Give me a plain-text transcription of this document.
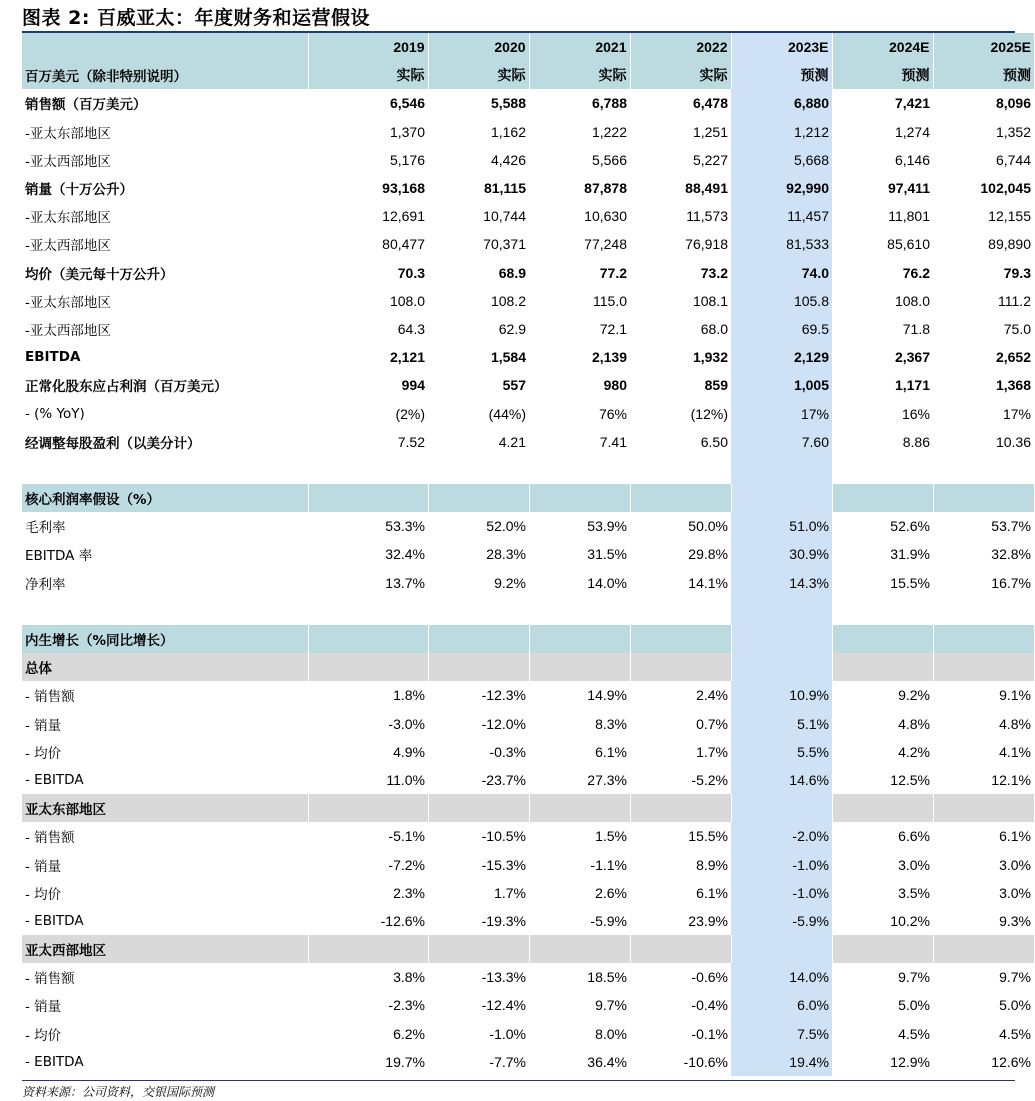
图表 2: 百威亚太：年度财务和运营假设
	2019	2020	2021	2022	2023E	2024E	2025E
百万美元（除非特别说明）	实际	实际	实际	实际	预测	预测	预测
销售额（百万美元）	6,546	5,588	6,788	6,478	6,880	7,421	8,096
-亚太东部地区	1,370	1,162	1,222	1,251	1,212	1,274	1,352
-亚太西部地区	5,176	4,426	5,566	5,227	5,668	6,146	6,744
销量（十万公升）	93,168	81,115	87,878	88,491	92,990	97,411	102,045
-亚太东部地区	12,691	10,744	10,630	11,573	11,457	11,801	12,155
-亚太西部地区	80,477	70,371	77,248	76,918	81,533	85,610	89,890
均价（美元每十万公升）	70.3	68.9	77.2	73.2	74.0	76.2	79.3
-亚太东部地区	108.0	108.2	115.0	108.1	105.8	108.0	111.2
-亚太西部地区	64.3	62.9	72.1	68.0	69.5	71.8	75.0
EBITDA	2,121	1,584	2,139	1,932	2,129	2,367	2,652
正常化股东应占利润（百万美元）	994	557	980	859	1,005	1,171	1,368
- (% YoY)	(2%)	(44%)	76%	(12%)	17%	16%	17%
经调整每股盈利（以美分计）	7.52	4.21	7.41	6.50	7.60	8.86	10.36

核心利润率假设（%）							
毛利率	53.3%	52.0%	53.9%	50.0%	51.0%	52.6%	53.7%
EBITDA 率	32.4%	28.3%	31.5%	29.8%	30.9%	31.9%	32.8%
净利率	13.7%	9.2%	14.0%	14.1%	14.3%	15.5%	16.7%

内生增长（%同比增长）							
总体							
- 销售额	1.8%	-12.3%	14.9%	2.4%	10.9%	9.2%	9.1%
- 销量	-3.0%	-12.0%	8.3%	0.7%	5.1%	4.8%	4.8%
- 均价	4.9%	-0.3%	6.1%	1.7%	5.5%	4.2%	4.1%
- EBITDA	11.0%	-23.7%	27.3%	-5.2%	14.6%	12.5%	12.1%
亚太东部地区							
- 销售额	-5.1%	-10.5%	1.5%	15.5%	-2.0%	6.6%	6.1%
- 销量	-7.2%	-15.3%	-1.1%	8.9%	-1.0%	3.0%	3.0%
- 均价	2.3%	1.7%	2.6%	6.1%	-1.0%	3.5%	3.0%
- EBITDA	-12.6%	-19.3%	-5.9%	23.9%	-5.9%	10.2%	9.3%
亚太西部地区							
- 销售额	3.8%	-13.3%	18.5%	-0.6%	14.0%	9.7%	9.7%
- 销量	-2.3%	-12.4%	9.7%	-0.4%	6.0%	5.0%	5.0%
- 均价	6.2%	-1.0%	8.0%	-0.1%	7.5%	4.5%	4.5%
- EBITDA	19.7%	-7.7%	36.4%	-10.6%	19.4%	12.9%	12.6%
资料来源：公司资料，交银国际预测
